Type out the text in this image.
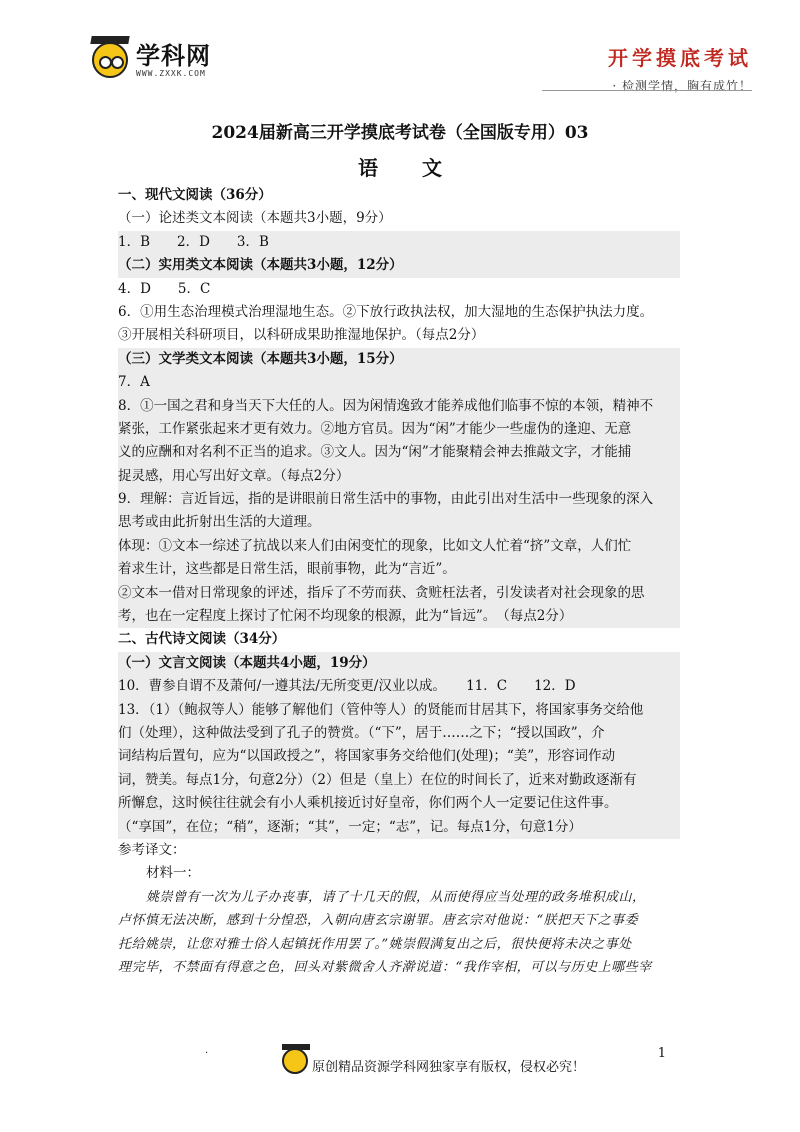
学科网
WWW.ZXXK.COM
开学摸底考试
· 检测学情，胸有成竹！
2024届新高三开学摸底考试卷（全国版专用）03
语文
一、现代文阅读（36分）
（一）论述类文本阅读（本题共3小题，9分）
1．B　　2．D　　3．B
（二）实用类文本阅读（本题共3小题，12分）
4．D　　5．C
6．①用生态治理模式治理湿地生态。②下放行政执法权，加大湿地的生态保护执法力度。
③开展相关科研项目，以科研成果助推湿地保护。（每点2分）
（三）文学类文本阅读（本题共3小题，15分）
7．A
8．①一国之君和身当天下大任的人。因为闲情逸致才能养成他们临事不惊的本领，精神不
紧张，工作紧张起来才更有效力。②地方官员。因为“闲”才能少一些虚伪的逢迎、无意
义的应酬和对名利不正当的追求。③文人。因为“闲”才能聚精会神去推敲文字，才能捕
捉灵感，用心写出好文章。（每点2分）
9．理解：言近旨远，指的是讲眼前日常生活中的事物，由此引出对生活中一些现象的深入
思考或由此折射出生活的大道理。
体现：①文本一综述了抗战以来人们由闲变忙的现象，比如文人忙着“挤”文章，人们忙
着求生计，这些都是日常生活，眼前事物，此为“言近”。
②文本一借对日常现象的评述，指斥了不劳而获、贪赃枉法者，引发读者对社会现象的思
考，也在一定程度上探讨了忙闲不均现象的根源，此为“旨远”。　（每点2分）
二、古代诗文阅读（34分）
（一）文言文阅读（本题共4小题，19分）
10．曹参自谓不及萧何/一遵其法/无所变更/汉业以成。　　11．C　　12．D
13．（1）（鲍叔等人）能够了解他们（管仲等人）的贤能而甘居其下，将国家事务交给他
们（处理），这种做法受到了孔子的赞赏。（“下”，居于……之下；“授以国政”，介
词结构后置句，应为“以国政授之”，将国家事务交给他们(处理)；“美”，形容词作动
词，赞美。每点1分，句意2分）（2）但是（皇上）在位的时间长了，近来对勤政逐渐有
所懈怠，这时候往往就会有小人乘机接近讨好皇帝，你们两个人一定要记住这件事。
（“享国”，在位；“稍”，逐渐；“其”，一定；“志”，记。每点1分，句意1分）
参考译文：
材料一：
姚崇曾有一次为儿子办丧事，请了十几天的假，从而使得应当处理的政务堆积成山，
卢怀慎无法决断，感到十分惶恐，入朝向唐玄宗谢罪。唐玄宗对他说：“朕把天下之事委
托给姚崇，让您对雅士俗人起镇抚作用罢了。”姚崇假满复出之后，很快便将未决之事处
理完毕，不禁面有得意之色，回头对紫微舍人齐澣说道：“我作宰相，可以与历史上哪些宰
·
原创精品资源学科网独家享有版权，侵权必究！
1
